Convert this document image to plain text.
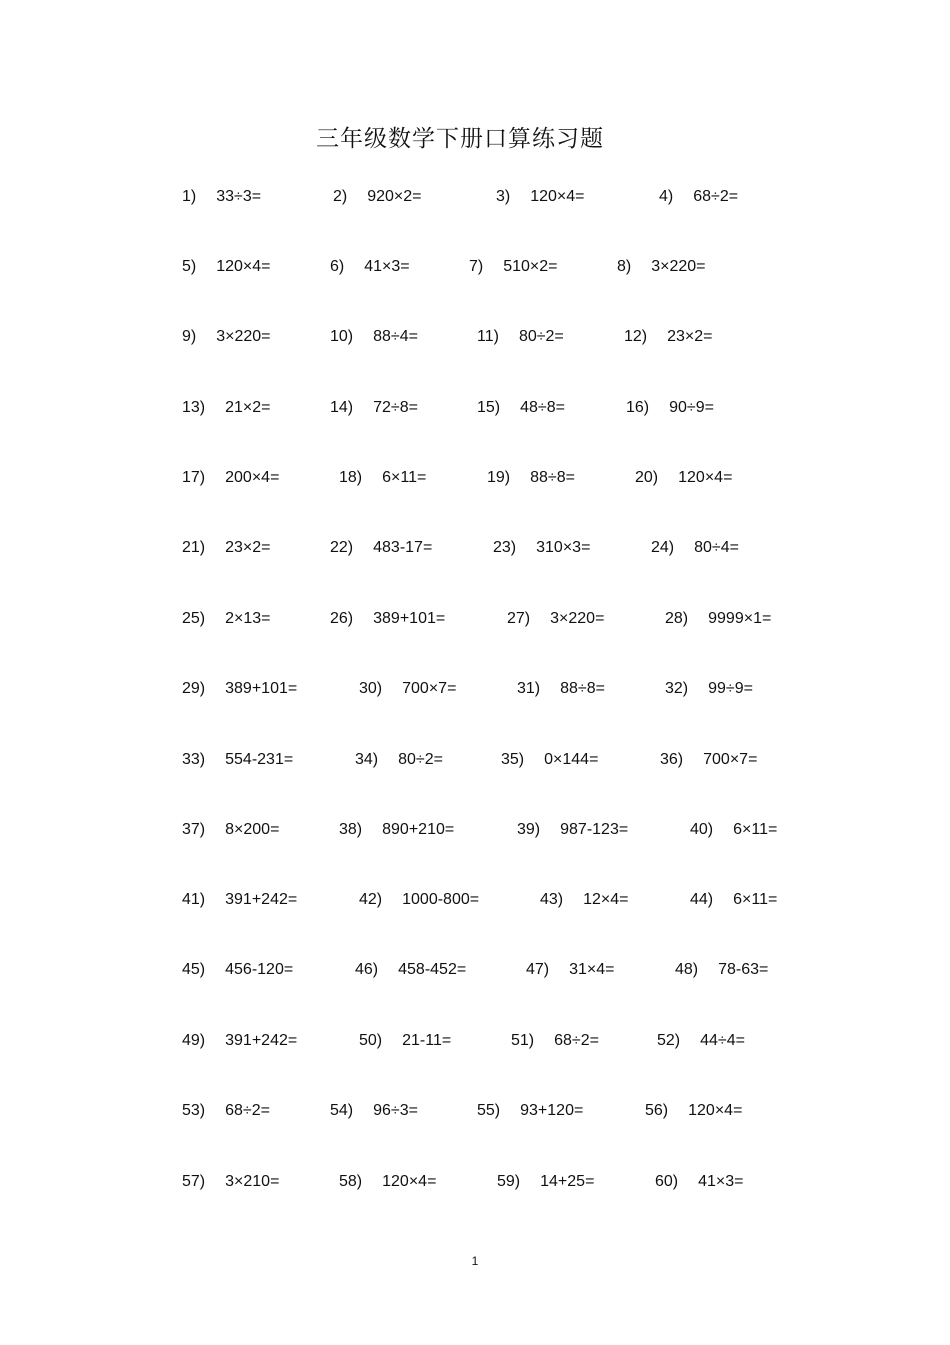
三年级数学下册口算练习题
1) 33÷3=	2) 920×2=	3) 120×4=	4) 68÷2=
5) 120×4=	6) 41×3=	7) 510×2=	8) 3×220=
9) 3×220=	10) 88÷4=	11) 80÷2=	12) 23×2=
13) 21×2=	14) 72÷8=	15) 48÷8=	16) 90÷9=
17) 200×4=	18) 6×11=	19) 88÷8=	20) 120×4=
21) 23×2=	22) 483-17=	23) 310×3=	24) 80÷4=
25) 2×13=	26) 389+101=	27) 3×220=	28) 9999×1=
29) 389+101=	30) 700×7=	31) 88÷8=	32) 99÷9=
33) 554-231=	34) 80÷2=	35) 0×144=	36) 700×7=
37) 8×200=	38) 890+210=	39) 987-123=	40) 6×11=
41) 391+242=	42) 1000-800=	43) 12×4=	44) 6×11=
45) 456-120=	46) 458-452=	47) 31×4=	48) 78-63=
49) 391+242=	50) 21-11=	51) 68÷2=	52) 44÷4=
53) 68÷2=	54) 96÷3=	55) 93+120=	56) 120×4=
57) 3×210=	58) 120×4=	59) 14+25=	60) 41×3=
1
